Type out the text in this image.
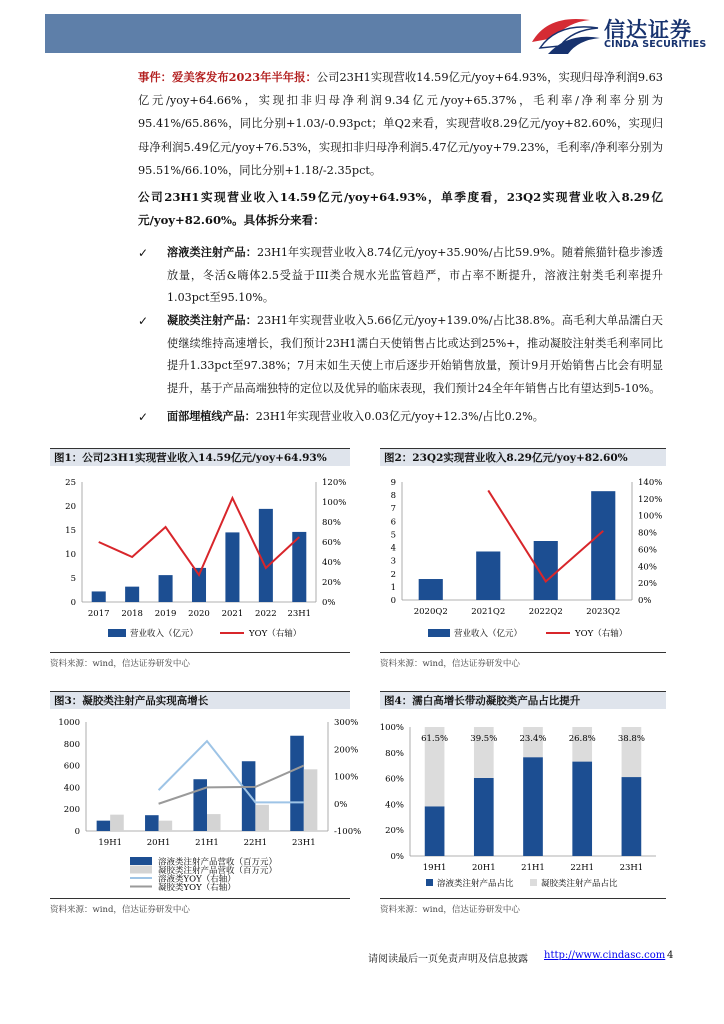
信达证券
CINDA SECURITIES
事件：爱美客发布2023年半年报：公司23H1实现营收14.59亿元/yoy+64.93%，实现归母净利润9.63亿元/yoy+64.66%，实现扣非归母净利润9.34亿元/yoy+65.37%，毛利率/净利率分别为95.41%/65.86%，同比分别+1.03/-0.93pct；单Q2来看，实现营收8.29亿元/yoy+82.60%，实现归母净利润5.49亿元/yoy+76.53%，实现扣非归母净利润5.47亿元/yoy+79.23%，毛利率/净利率分别为95.51%/66.10%，同比分别+1.18/-2.35pct。
公司23H1实现营业收入14.59亿元/yoy+64.93%，单季度看，23Q2实现营业收入8.29亿元/yoy+82.60%。具体拆分来看：
✓	溶液类注射产品：23H1年实现营业收入8.74亿元/yoy+35.90%/占比59.9%。随着熊猫针稳步渗透放量，冬活&嗨体2.5受益于III类合规水光监管趋严，市占率不断提升，溶液注射类毛利率提升1.03pct至95.10%。
✓	凝胶类注射产品：23H1年实现营业收入5.66亿元/yoy+139.0%/占比38.8%。高毛利大单品濡白天使继续维持高速增长，我们预计23H1濡白天使销售占比或达到25%+，推动凝胶注射类毛利率同比提升1.33pct至97.38%；7月末如生天使上市后逐步开始销售放量，预计9月开始销售占比会有明显提升，基于产品高端独特的定位以及优异的临床表现，我们预计24全年年销售占比有望达到5-10%。
✓	面部埋植线产品：23H1年实现营业收入0.03亿元/yoy+12.3%/占比0.2%。
图1：公司23H1实现营业收入14.59亿元/yoy+64.93%	图2：23Q2实现营业收入8.29亿元/yoy+82.60%
0
5
10
15
20
25
0%
20%
40%
60%
80%
100%
120%
2017 2018 2019 2020 2021 2022 23H1
营业收入（亿元）	YOY（右轴）
0
1
2
3
4
5
6
7
8
9
0%
20%
40%
60%
80%
100%
120%
140%
2020Q2	2021Q2	2022Q2	2023Q2
营业收入（亿元）	YOY（右轴）
资料来源：wind，信达证券研发中心	资料来源：wind，信达证券研发中心
图3：凝胶类注射产品实现高增长	图4：濡白高增长带动凝胶类产品占比提升
0
200
400
600
800
1000
-100%
0%
100%
200%
300%
19H1	20H1	21H1	22H1	23H1
溶液类注射产品营收（百万元）
凝胶类注射产品营收（百万元）
溶液类YOY（右轴）
凝胶类YOY（右轴）
0%
20%
40%
60%
80%
100%
61.5%
19H1
39.5%
20H1
23.4%
21H1
26.8%
22H1
38.8%
23H1
溶液类注射产品占比	凝胶类注射产品占比
资料来源：wind，信达证券研发中心	资料来源：wind，信达证券研发中心
请阅读最后一页免责声明及信息披露 http://www.cindasc.com 4
